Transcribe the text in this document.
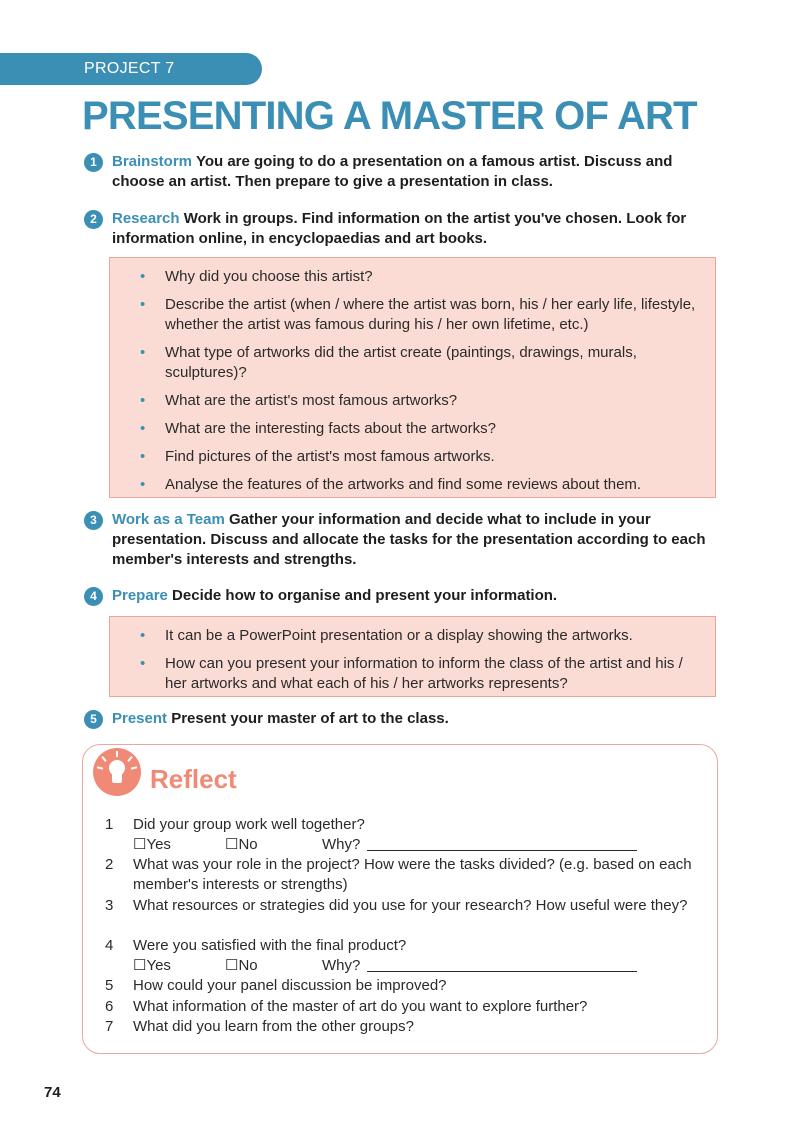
PROJECT 7
PRESENTING A MASTER OF ART
1	Brainstorm You are going to do a presentation on a famous artist. Discuss and choose an artist. Then prepare to give a presentation in class.
2	Research Work in groups. Find information on the artist you've chosen. Look for information online, in encyclopaedias and art books.
• Why did you choose this artist?
• Describe the artist (when / where the artist was born, his / her early life, lifestyle, whether the artist was famous during his / her own lifetime, etc.)
• What type of artworks did the artist create (paintings, drawings, murals, sculptures)?
• What are the artist's most famous artworks?
• What are the interesting facts about the artworks?
• Find pictures of the artist's most famous artworks.
• Analyse the features of the artworks and find some reviews about them.
3	Work as a Team Gather your information and decide what to include in your presentation. Discuss and allocate the tasks for the presentation according to each member's interests and strengths.
4	Prepare Decide how to organise and present your information.
• It can be a PowerPoint presentation or a display showing the artworks.
• How can you present your information to inform the class of the artist and his / her artworks and what each of his / her artworks represents?
5	Present Present your master of art to the class.
Reflect
1 Did your group work well together?
☐Yes	☐No	Why?
2 What was your role in the project? How were the tasks divided? (e.g. based on each member's interests or strengths)
3 What resources or strategies did you use for your research? How useful were they?
4 Were you satisfied with the final product?
☐Yes	☐No	Why?
5 How could your panel discussion be improved?
6 What information of the master of art do you want to explore further?
7 What did you learn from the other groups?
74
